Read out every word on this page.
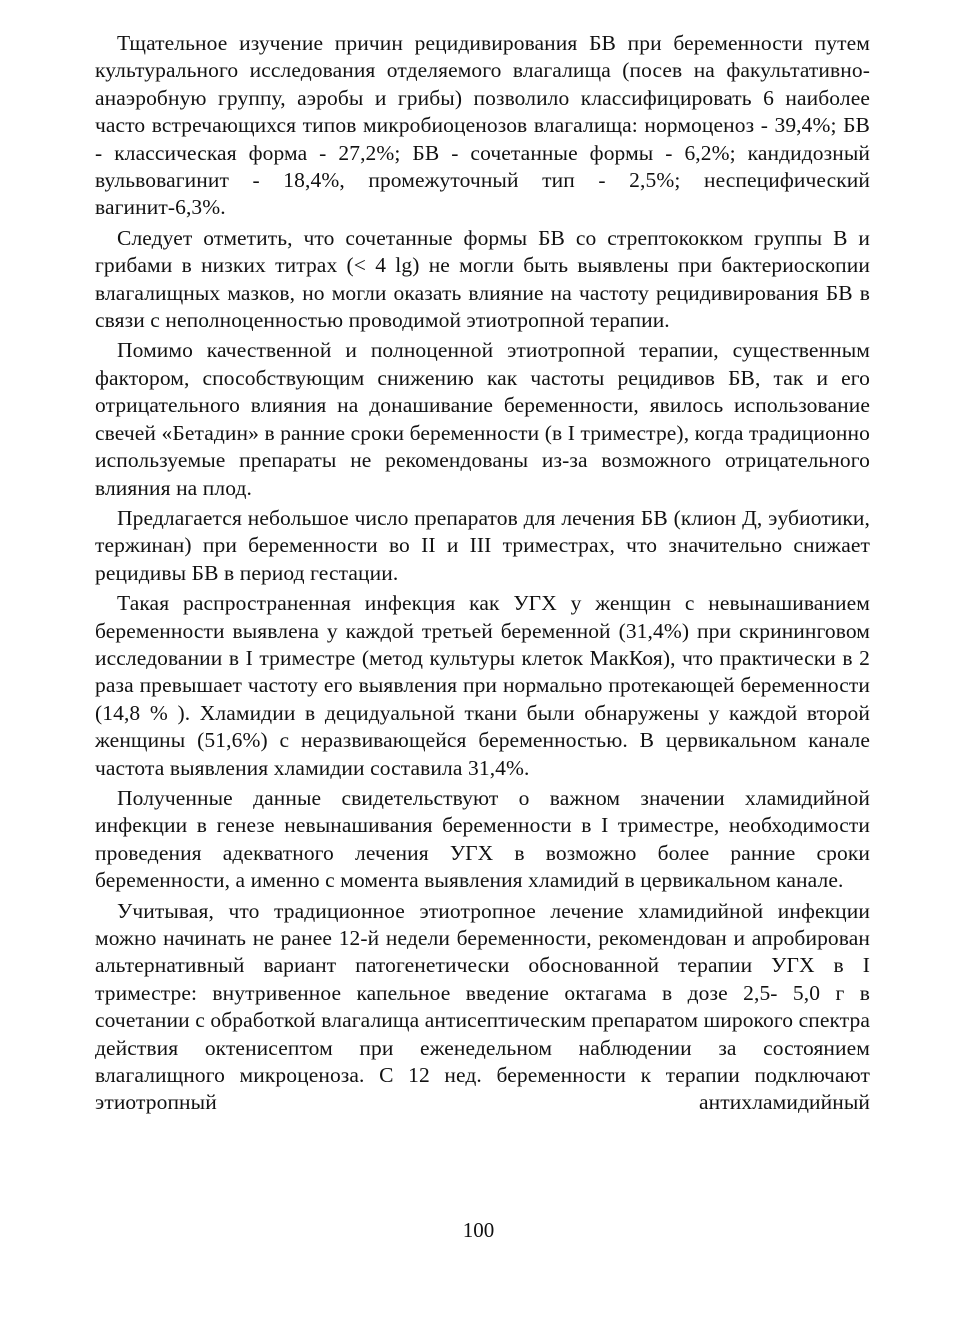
Тщательное изучение причин рецидивирования БВ при беременности путем культурального исследования отделяемого влагалища (посев на факультативно-анаэробную группу, аэробы и грибы) позволило классифицировать 6 наиболее часто встречающихся типов микробиоценозов влагалища: нормоценоз - 39,4%; БВ - классическая форма - 27,2%; БВ - сочетанные формы - 6,2%; кандидозный вульвовагинит - 18,4%, промежуточный тип - 2,5%; неспецифический вагинит-6,3%.

Следует отметить, что сочетанные формы БВ со стрептококком группы В и грибами в низких титрах (< 4 lg) не могли быть выявлены при бактериоскопии влагалищных мазков, но могли оказать влияние на частоту рецидивирования БВ в связи с неполноценностью проводимой этиотропной терапии.

Помимо качественной и полноценной этиотропной терапии, существенным фактором, способствующим снижению как частоты рецидивов БВ, так и его отрицательного влияния на донашивание беременности, явилось использование свечей «Бетадин» в ранние сроки беременности (в I триместре), когда традиционно используемые препараты не рекомендованы из-за возможного отрицательного влияния на плод.

Предлагается небольшое число препаратов для лечения БВ (клион Д, эубиотики, тержинан) при беременности во II и III триместрах, что значительно снижает рецидивы БВ в период гестации.

Такая распространенная инфекция как УГХ у женщин с невынашиванием беременности выявлена у каждой третьей беременной (31,4%) при скрининговом исследовании в I триместре (метод культуры клеток МакКоя), что практически в 2 раза превышает частоту его выявления при нормально протекающей беременности (14,8 % ). Хламидии в децидуальной ткани были обнаружены у каждой второй женщины (51,6%) с неразвивающейся беременностью. В цервикальном канале частота выявления хламидии составила 31,4%.

Полученные данные свидетельствуют о важном значении хламидийной инфекции в генезе невынашивания беременности в I триместре, необходимости проведения адекватного лечения УГХ в возможно более ранние сроки беременности, а именно с момента выявления хламидий в цервикальном канале.

Учитывая, что традиционное этиотропное лечение хламидийной инфекции можно начинать не ранее 12-й недели беременности, рекомендован и апробирован альтернативный вариант патогенетически обоснованной терапии УГХ в I триместре: внутривенное капельное введение октагама в дозе 2,5- 5,0 г в сочетании с обработкой влагалища антисептическим препаратом широкого спектра действия октенисептом при еженедельном наблюдении за состоянием влагалищного микроценоза. С 12 нед. беременности к терапии подключают этиотропный антихламидийный

100
